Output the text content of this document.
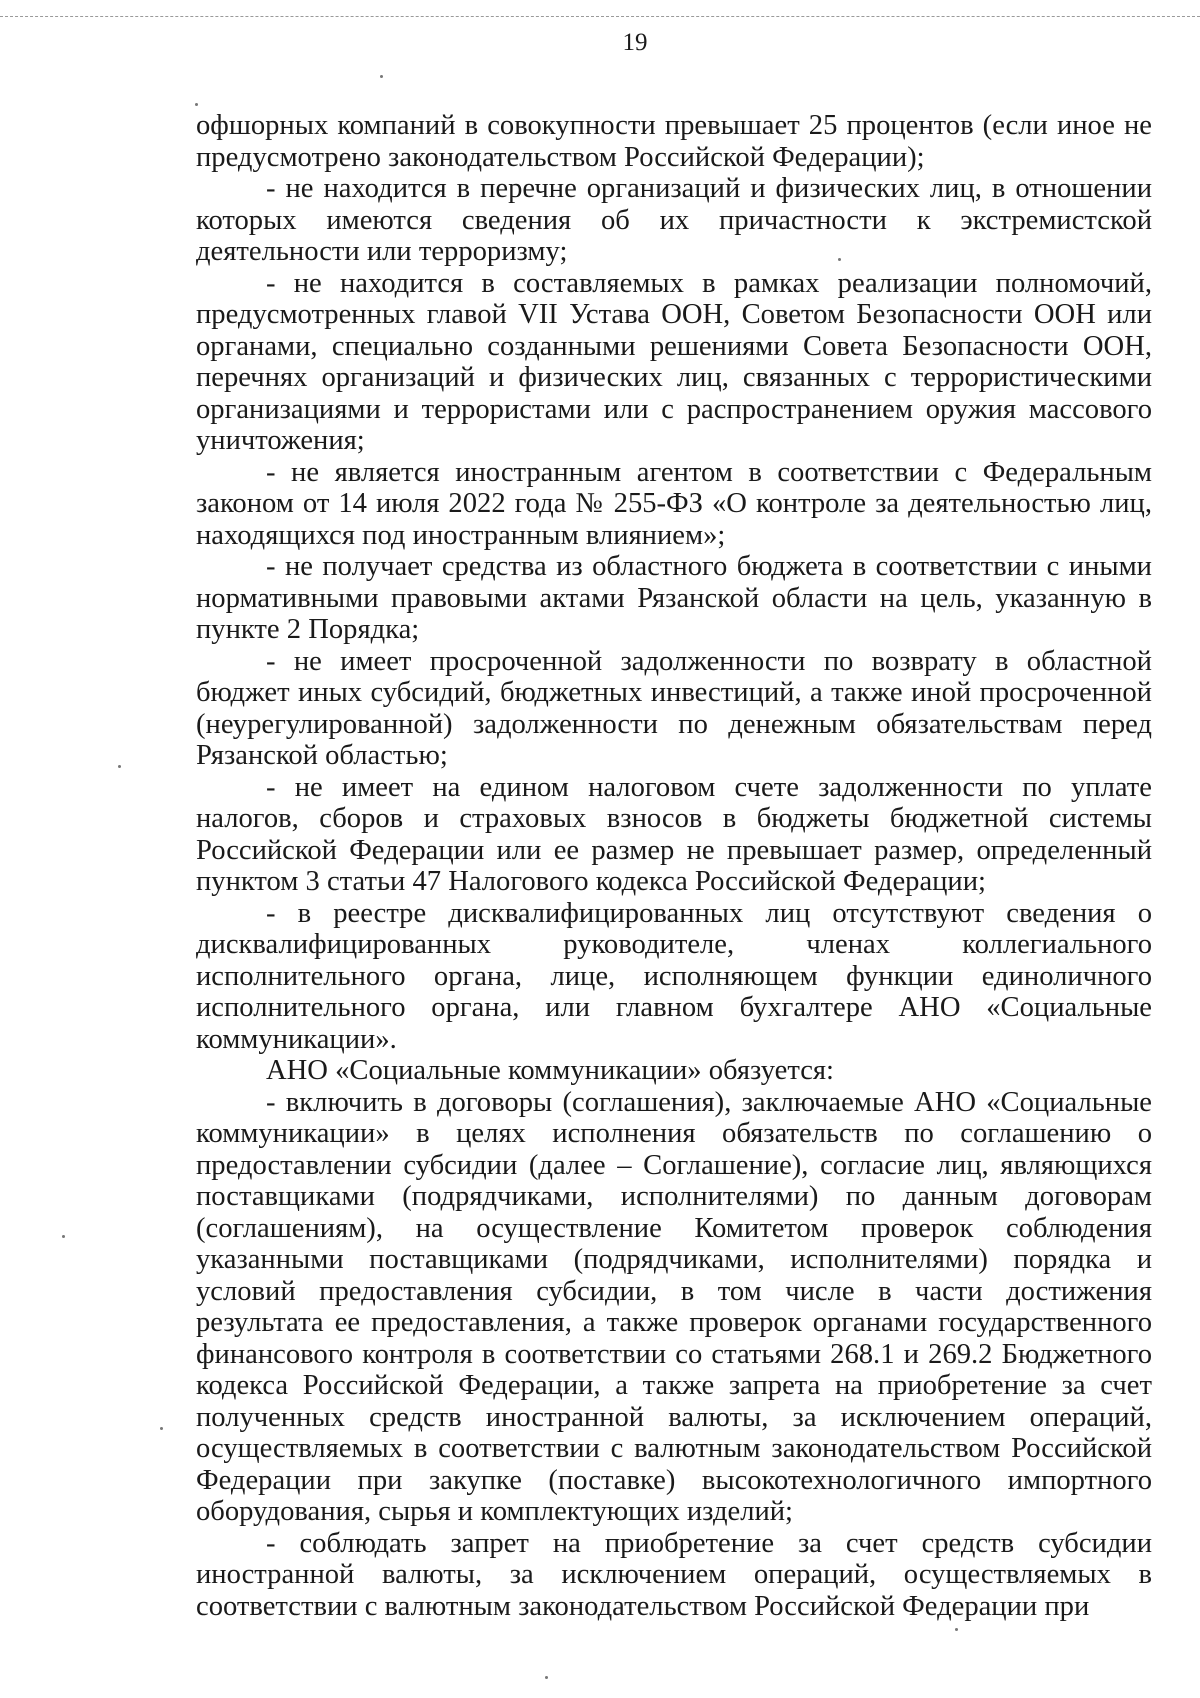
19

офшорных компаний в совокупности превышает 25 процентов (если иное не предусмотрено законодательством Российской Федерации);

- не находится в перечне организаций и физических лиц, в отношении которых имеются сведения об их причастности к экстремистской деятельности или терроризму;

- не находится в составляемых в рамках реализации полномочий, предусмотренных главой VII Устава ООН, Советом Безопасности ООН или органами, специально созданными решениями Совета Безопасности ООН, перечнях организаций и физических лиц, связанных с террористическими организациями и террористами или с распространением оружия массового уничтожения;

- не является иностранным агентом в соответствии с Федеральным законом от 14 июля 2022 года № 255-ФЗ «О контроле за деятельностью лиц, находящихся под иностранным влиянием»;

- не получает средства из областного бюджета в соответствии с иными нормативными правовыми актами Рязанской области на цель, указанную в пункте 2 Порядка;

- не имеет просроченной задолженности по возврату в областной бюджет иных субсидий, бюджетных инвестиций, а также иной просроченной (неурегулированной) задолженности по денежным обязательствам перед Рязанской областью;

- не имеет на едином налоговом счете задолженности по уплате налогов, сборов и страховых взносов в бюджеты бюджетной системы Российской Федерации или ее размер не превышает размер, определенный пунктом 3 статьи 47 Налогового кодекса Российской Федерации;

- в реестре дисквалифицированных лиц отсутствуют сведения о дисквалифицированных руководителе, членах коллегиального исполнительного органа, лице, исполняющем функции единоличного исполнительного органа, или главном бухгалтере АНО «Социальные коммуникации».

АНО «Социальные коммуникации» обязуется:

- включить в договоры (соглашения), заключаемые АНО «Социальные коммуникации» в целях исполнения обязательств по соглашению о предоставлении субсидии (далее – Соглашение), согласие лиц, являющихся поставщиками (подрядчиками, исполнителями) по данным договорам (соглашениям), на осуществление Комитетом проверок соблюдения указанными поставщиками (подрядчиками, исполнителями) порядка и условий предоставления субсидии, в том числе в части достижения результата ее предоставления, а также проверок органами государственного финансового контроля в соответствии со статьями 268.1 и 269.2 Бюджетного кодекса Российской Федерации, а также запрета на приобретение за счет полученных средств иностранной валюты, за исключением операций, осуществляемых в соответствии с валютным законодательством Российской Федерации при закупке (поставке) высокотехнологичного импортного оборудования, сырья и комплектующих изделий;

- соблюдать запрет на приобретение за счет средств субсидии иностранной валюты, за исключением операций, осуществляемых в соответствии с валютным законодательством Российской Федерации при
